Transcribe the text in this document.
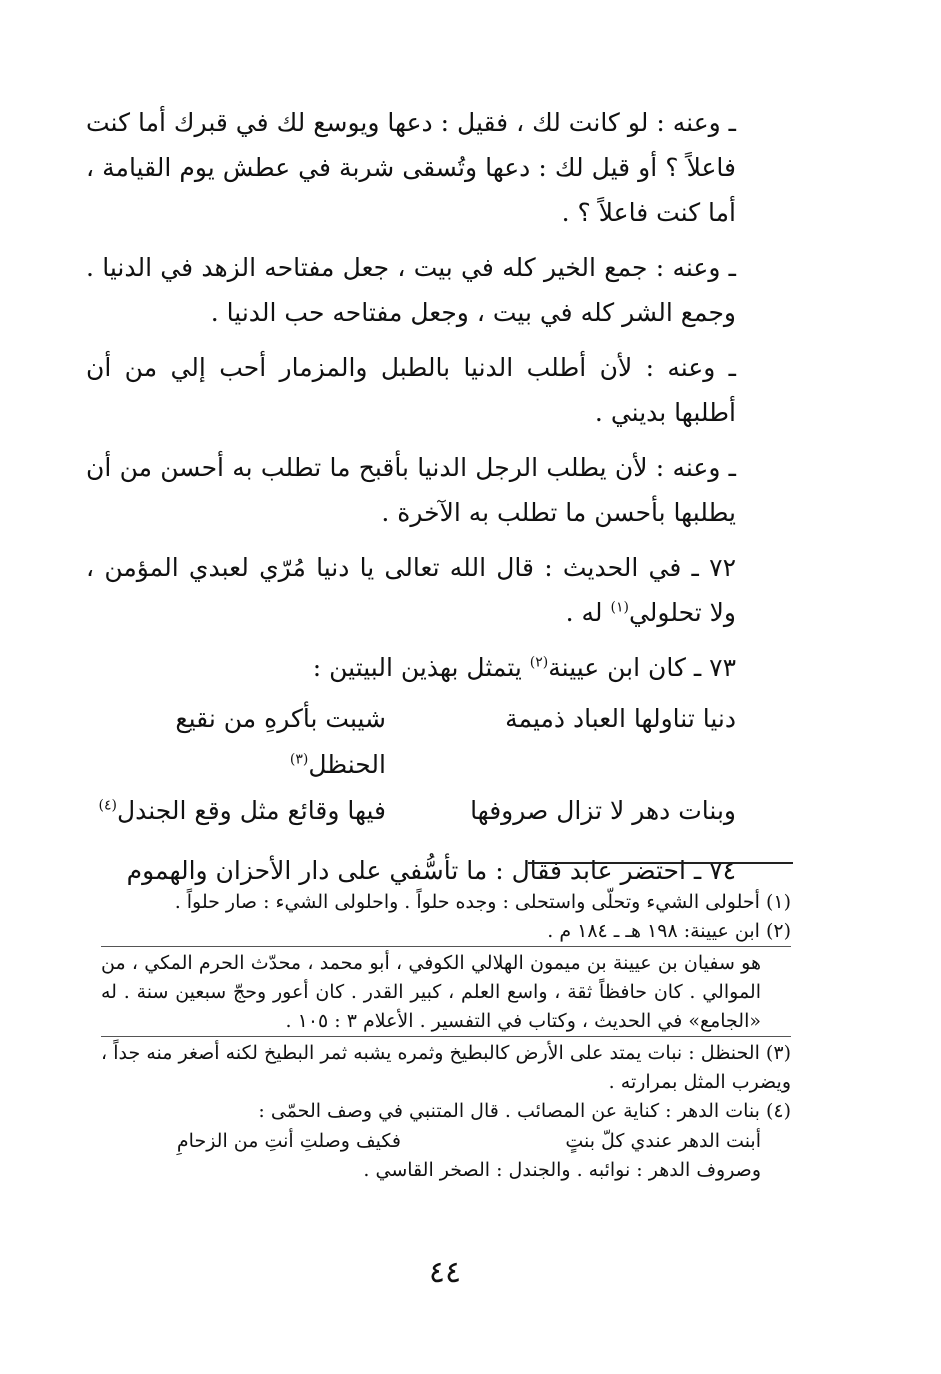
ـ وعنه : لو كانت لك ، فقيل : دعها ويوسع لك في قبرك أما كنت فاعلاً ؟ أو قيل لك : دعها وتُسقى شربة في عطش يوم القيامة ، أما كنت فاعلاً ؟ .

ـ وعنه : جمع الخير كله في بيت ، جعل مفتاحه الزهد في الدنيا . وجمع الشر كله في بيت ، وجعل مفتاحه حب الدنيا .

ـ وعنه : لأن أطلب الدنيا بالطبل والمزمار أحب إلي من أن أطلبها بديني .

ـ وعنه : لأن يطلب الرجل الدنيا بأقبح ما تطلب به أحسن من أن يطلبها بأحسن ما تطلب به الآخرة .

٧٢ ـ في الحديث : قال الله تعالى يا دنيا مُرّي لعبدي المؤمن ، ولا تحلولي$^{(١)}$ له .

٧٣ ـ كان ابن عيينة$^{(٢)}$ يتمثل بهذين البيتين :

دنيا تناولها العباد ذميمة
شيبت بأكرهِ من نقيع الحنظل$^{(٣)}$
وبنات دهر لا تزال صروفها
فيها وقائع مثل وقع الجندل$^{(٤)}$

٧٤ ـ احتضر عابد فقال : ما تأسُّفي على دار الأحزان والهموم

(١) أحلولى الشيء وتحلّى واستحلى : وجده حلواً . واحلولى الشيء : صار حلواً .

(٢) ابن عيينة: ١٩٨ هـ ـ ١٨٤ م .

هو سفيان بن عيينة بن ميمون الهلالي الكوفي ، أبو محمد ، محدّث الحرم المكي ، من الموالي . كان حافظاً ثقة ، واسع العلم ، كبير القدر . كان أعور وحجّ سبعين سنة . له «الجامع» في الحديث ، وكتاب في التفسير . الأعلام ٣ : ١٠٥ .

(٣) الحنظل : نبات يمتد على الأرض كالبطيخ وثمره يشبه ثمر البطيخ لكنه أصغر منه جداً ، ويضرب المثل بمرارته .

(٤) بنات الدهر : كناية عن المصائب . قال المتنبي في وصف الحمّى :

أبنت الدهر عندي كلّ بنتٍ
فكيف وصلتِ أنتِ من الزحامِ

وصروف الدهر : نوائبه . والجندل : الصخر القاسي .

٤٤
